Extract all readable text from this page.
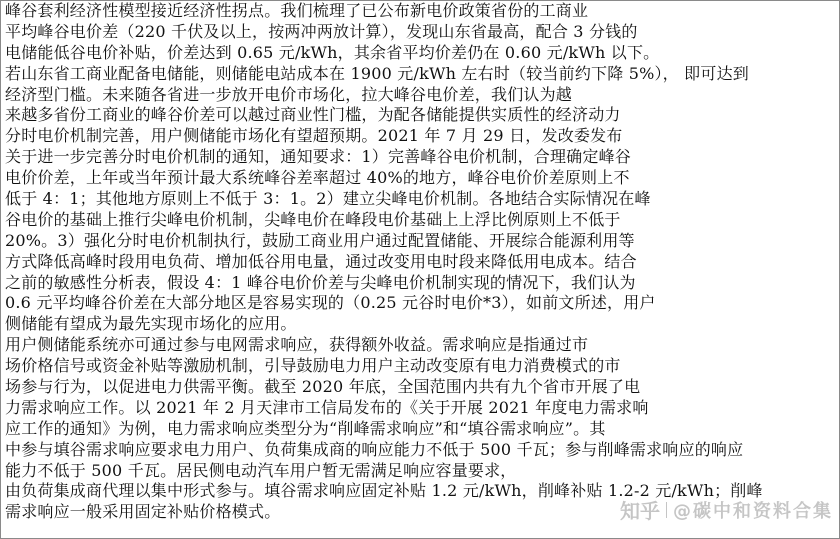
峰谷套利经济性模型接近经济性拐点。我们梳理了已公布新电价政策省份的工商业
平均峰谷电价差（220 千伏及以上，按两冲两放计算），发现山东省最高，配合 3 分钱的
电储能低谷电价补贴，价差达到 0.65 元/kWh，其余省平均价差仍在 0.60 元/kWh 以下。
若山东省工商业配备电储能，则储能电站成本在 1900 元/kWh 左右时（较当前约下降 5%）， 即可达到
经济型门槛。未来随各省进一步放开电价市场化，拉大峰谷电价差，我们认为越
来越多省份工商业的峰谷价差可以越过商业性门槛，为配各储能提供实质性的经济动力
分时电价机制完善，用户侧储能市场化有望超预期。2021 年 7 月 29 日，发改委发布
关于进一步完善分时电价机制的通知，通知要求：1）完善峰谷电价机制，合理确定峰谷
电价价差，上年或当年预计最大系统峰谷差率超过 40%的地方，峰谷电价价差原则上不
低于 4：1；其他地方原则上不低于 3：1。2）建立尖峰电价机制。各地结合实际情况在峰
谷电价的基础上推行尖峰电价机制，尖峰电价在峰段电价基础上上浮比例原则上不低于
20%。3）强化分时电价机制执行，鼓励工商业用户通过配置储能、开展综合能源利用等
方式降低高峰时段用电负荷、增加低谷用电量，通过改变用电时段来降低用电成本。结合
之前的敏感性分析表，假设 4：1 峰谷电价价差与尖峰电价机制实现的情况下，我们认为
0.6 元平均峰谷价差在大部分地区是容易实现的（0.25 元谷时电价*3），如前文所述，用户
侧储能有望成为最先实现市场化的应用。
用户侧储能系统亦可通过参与电网需求响应，获得额外收益。需求响应是指通过市
场价格信号或资金补贴等激励机制，引导鼓励电力用户主动改变原有电力消费模式的市
场参与行为，以促进电力供需平衡。截至 2020 年底，全国范围内共有九个省市开展了电
力需求响应工作。以 2021 年 2 月天津市工信局发布的《关于开展 2021 年度电力需求响
应工作的通知》为例，电力需求响应类型分为“削峰需求响应”和“填谷需求响应”。其
中参与填谷需求响应要求电力用户、负荷集成商的响应能力不低于 500 千瓦；参与削峰需求响应的响应
能力不低于 500 千瓦。居民侧电动汽车用户暂无需满足响应容量要求，
由负荷集成商代理以集中形式参与。填谷需求响应固定补贴 1.2 元/kWh，削峰补贴 1.2-2 元/kWh；削峰
需求响应一般采用固定补贴价格模式。	知乎 @碳中和资料合集
